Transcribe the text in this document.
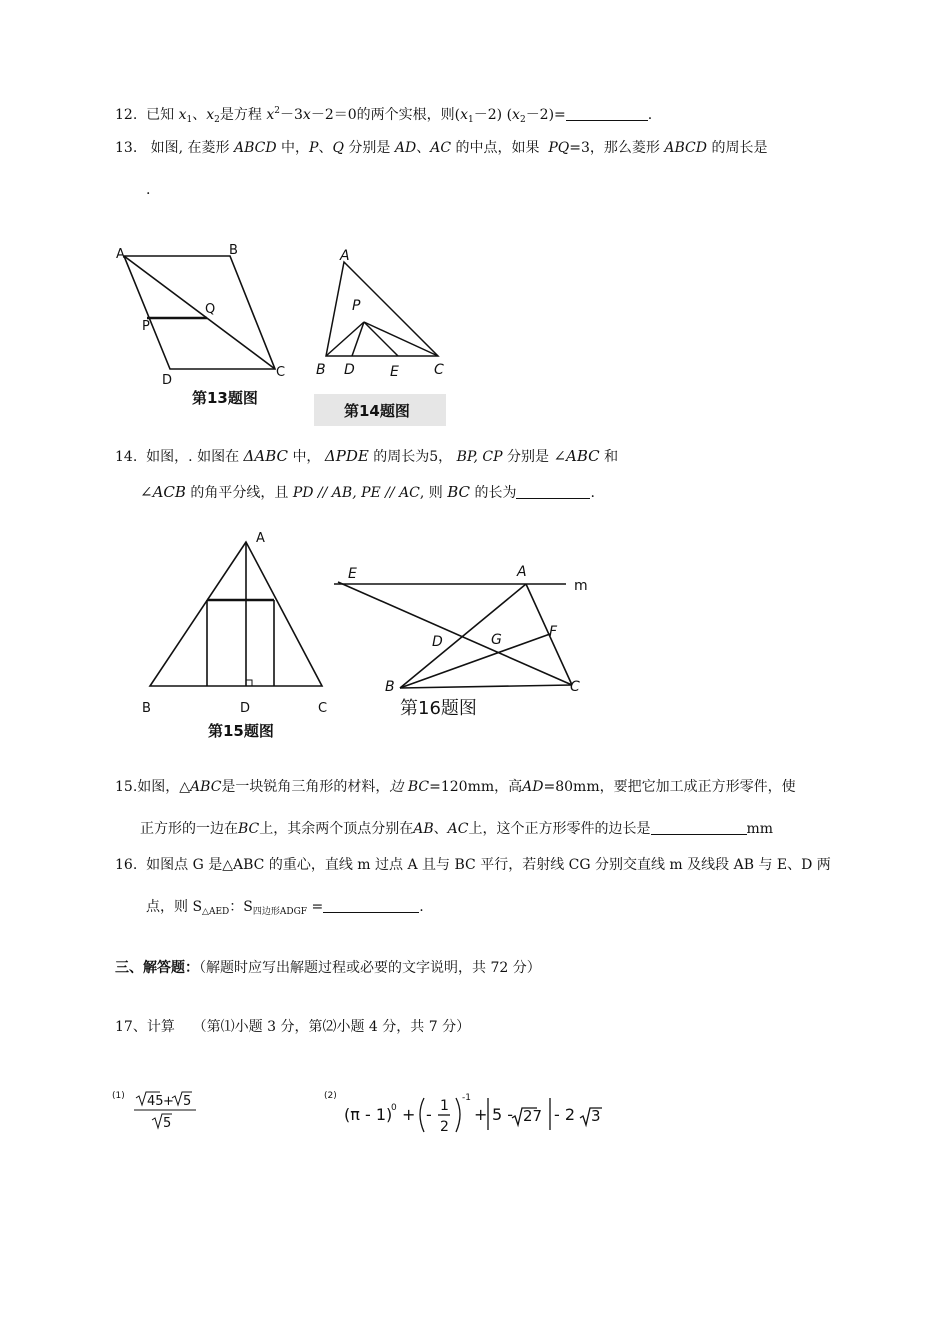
12. 已知 $x_1$、$x_2$是方程 $x^2-3x-2=0$的两个实根，则$(x_1-2)$ $(x_2-2)=$	.
13. 如图, 在菱形 ABCD 中，P、Q 分别是 AD、AC 的中点，如果 PQ=3，那么菱形 ABCD 的周长是
.
A	B
Q
P
D
C
第13题图
A
P
B D	E	C
第14题图
14. 如图，. 如图在 ΔABC 中， ΔPDE 的周长为5， BP, CP 分别是 ∠ABC 和
∠ACB 的角平分线，且 PD // AB, PE // AC, 则 BC 的长为	.
A
B	D	C
第15题图
E	A
m
D	G	F
B	C
第16题图
15.如图，△ABC是一块锐角三角形的材料，边 BC=120mm，高AD=80mm，要把它加工成正方形零件，使
正方形的一边在BC上，其余两个顶点分别在AB、AC上，这个正方形零件的边长是	mm
16. 如图点 G 是△ABC 的重心，直线 m 过点 A 且与 BC 平行，若射线 CG 分别交直线 m 及线段 AB 与 E、D 两
点，则 $S_{\triangle AED}$：$S_{四边形ADGF}$ =	.
三、解答题：（解题时应写出解题过程或必要的文字说明，共 72 分）
17、计算 （第⑴小题 3 分，第⑵小题 4 分，共 7 分）
(1) 45 + 5
5
(2)
(π - 1)
0 + - 1
2
-1
+ 5 - 27 - 2 3
